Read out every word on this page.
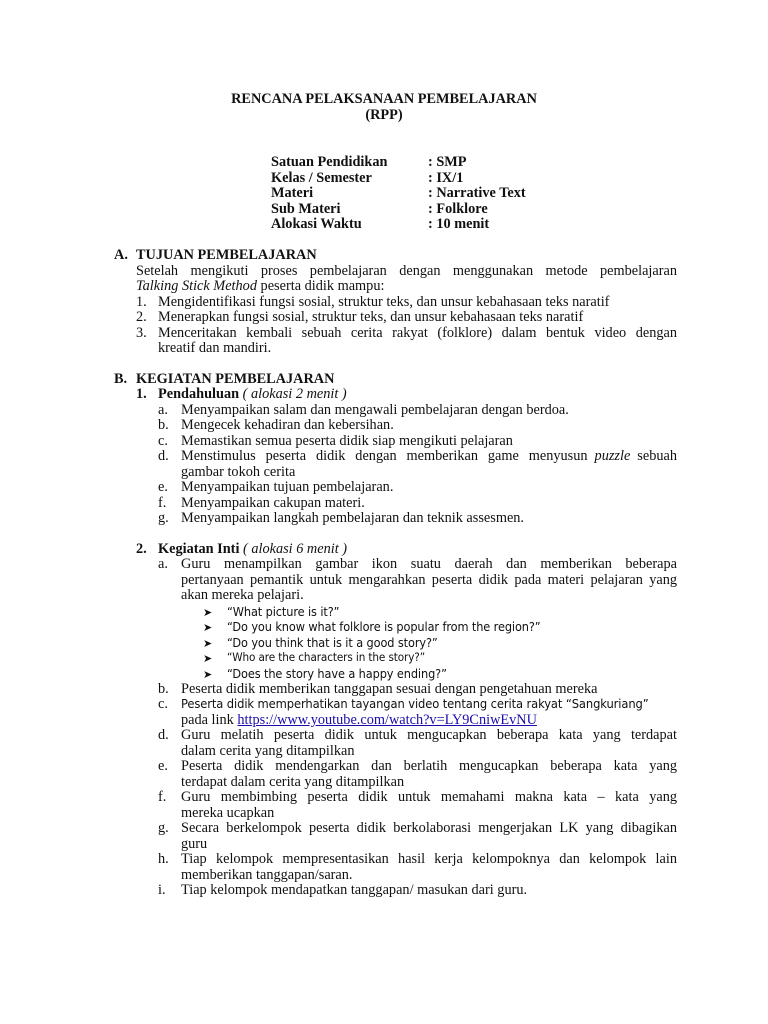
RENCANA PELAKSANAAN PEMBELAJARAN
(RPP)
Satuan Pendidikan	: SMP
Kelas / Semester	: IX/1
Materi	: Narrative Text
Sub Materi	: Folklore
Alokasi Waktu	: 10 menit
A. TUJUAN PEMBELAJARAN
Setelah mengikuti proses pembelajaran dengan menggunakan metode pembelajaran
Talking Stick Method peserta didik mampu:
1. Mengidentifikasi fungsi sosial, struktur teks, dan unsur kebahasaan teks naratif
2. Menerapkan fungsi sosial, struktur teks, dan unsur kebahasaan teks naratif
3. Menceritakan kembali sebuah cerita rakyat (folklore) dalam bentuk video dengan
kreatif dan mandiri.
B. KEGIATAN PEMBELAJARAN
1. Pendahuluan ( alokasi 2 menit )
a. Menyampaikan salam dan mengawali pembelajaran dengan berdoa.
b. Mengecek kehadiran dan kebersihan.
c. Memastikan semua peserta didik siap mengikuti pelajaran
d. Menstimulus peserta didik dengan memberikan game menyusun puzzle sebuah
gambar tokoh cerita
e. Menyampaikan tujuan pembelajaran.
f. Menyampaikan cakupan materi.
g. Menyampaikan langkah pembelajaran dan teknik assesmen.
2. Kegiatan Inti ( alokasi 6 menit )
a. Guru menampilkan gambar ikon suatu daerah dan memberikan beberapa
pertanyaan pemantik untuk mengarahkan peserta didik pada materi pelajaran yang
akan mereka pelajari.
➤ “What picture is it?”
➤ “Do you know what folklore is popular from the region?”
➤ “Do you think that is it a good story?”
➤ “Who are the characters in the story?”
➤ “Does the story have a happy ending?”
b. Peserta didik memberikan tanggapan sesuai dengan pengetahuan mereka
c. Peserta didik memperhatikan tayangan video tentang cerita rakyat “Sangkuriang”
pada link https://www.youtube.com/watch?v=LY9CniwEvNU
d. Guru melatih peserta didik untuk mengucapkan beberapa kata yang terdapat
dalam cerita yang ditampilkan
e. Peserta didik mendengarkan dan berlatih mengucapkan beberapa kata yang
terdapat dalam cerita yang ditampilkan
f. Guru membimbing peserta didik untuk memahami makna kata – kata yang
mereka ucapkan
g. Secara berkelompok peserta didik berkolaborasi mengerjakan LK yang dibagikan
guru
h. Tiap kelompok mempresentasikan hasil kerja kelompoknya dan kelompok lain
memberikan tanggapan/saran.
i. Tiap kelompok mendapatkan tanggapan/ masukan dari guru.
